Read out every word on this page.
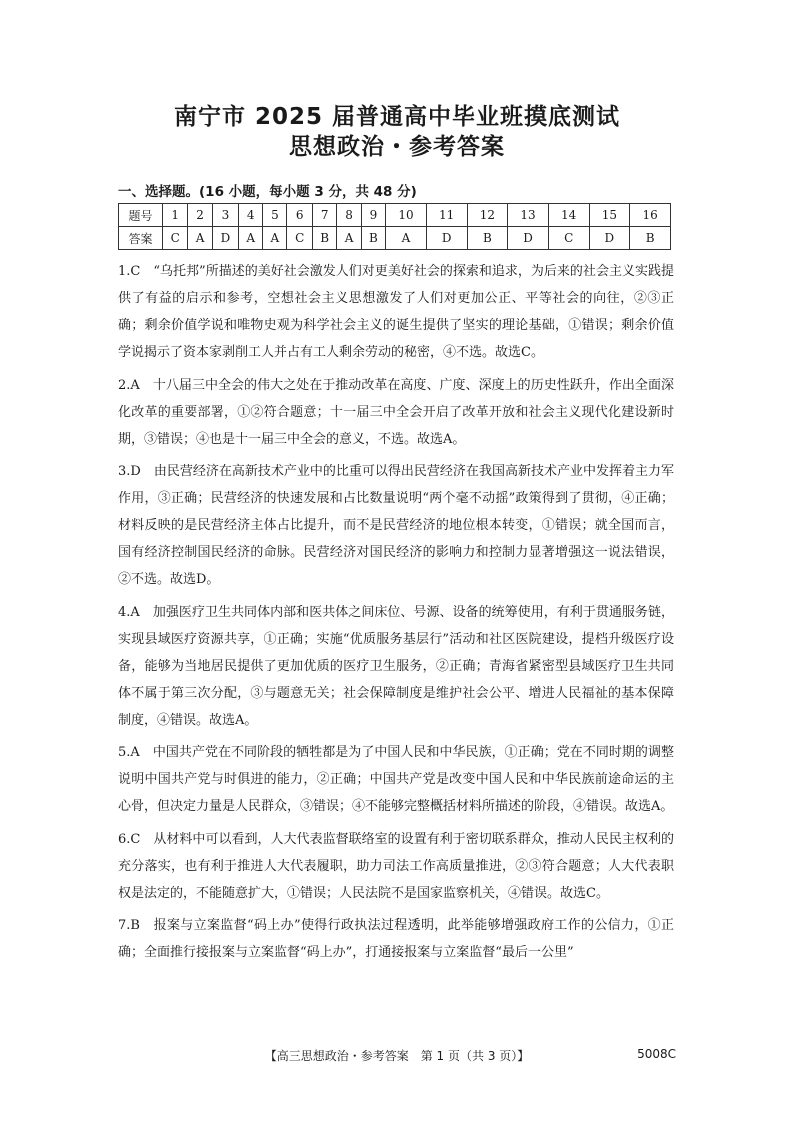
南宁市 2025 届普通高中毕业班摸底测试
思想政治・参考答案
一、选择题。(16 小题，每小题 3 分，共 48 分)
题号	1	2	3	4	5	6	7	8	9	10	11	12	13	14	15	16
答案	C	A	D	A	A	C	B	A	B	A	D	B	D	C	D	B

1.C　“乌托邦”所描述的美好社会激发人们对更美好社会的探索和追求，为后来的社会主义实践提供了有益的启示和参考，空想社会主义思想激发了人们对更加公正、平等社会的向往，②③正确；剩余价值学说和唯物史观为科学社会主义的诞生提供了坚实的理论基础，①错误；剩余价值学说揭示了资本家剥削工人并占有工人剩余劳动的秘密，④不选。故选C。

2.A　十八届三中全会的伟大之处在于推动改革在高度、广度、深度上的历史性跃升，作出全面深化改革的重要部署，①②符合题意；十一届三中全会开启了改革开放和社会主义现代化建设新时期，③错误；④也是十一届三中全会的意义，不选。故选A。

3.D　由民营经济在高新技术产业中的比重可以得出民营经济在我国高新技术产业中发挥着主力军作用，③正确；民营经济的快速发展和占比数量说明“两个毫不动摇”政策得到了贯彻，④正确；材料反映的是民营经济主体占比提升，而不是民营经济的地位根本转变，①错误；就全国而言，国有经济控制国民经济的命脉。民营经济对国民经济的影响力和控制力显著增强这一说法错误，②不选。故选D。

4.A　加强医疗卫生共同体内部和医共体之间床位、号源、设备的统筹使用，有利于贯通服务链，实现县域医疗资源共享，①正确；实施“优质服务基层行”活动和社区医院建设，提档升级医疗设备，能够为当地居民提供了更加优质的医疗卫生服务，②正确；青海省紧密型县域医疗卫生共同体不属于第三次分配，③与题意无关；社会保障制度是维护社会公平、增进人民福祉的基本保障制度，④错误。故选A。

5.A　中国共产党在不同阶段的牺牲都是为了中国人民和中华民族，①正确；党在不同时期的调整说明中国共产党与时俱进的能力，②正确；中国共产党是改变中国人民和中华民族前途命运的主心骨，但决定力量是人民群众，③错误；④不能够完整概括材料所描述的阶段，④错误。故选A。

6.C　从材料中可以看到，人大代表监督联络室的设置有利于密切联系群众，推动人民民主权利的充分落实，也有利于推进人大代表履职，助力司法工作高质量推进，②③符合题意；人大代表职权是法定的，不能随意扩大，①错误；人民法院不是国家监察机关，④错误。故选C。

7.B　报案与立案监督“码上办”使得行政执法过程透明，此举能够增强政府工作的公信力，①正确；全面推行接报案与立案监督“码上办”，打通接报案与立案监督“最后一公里”

【高三思想政治・参考答案　第 1 页（共 3 页）】	5008C
